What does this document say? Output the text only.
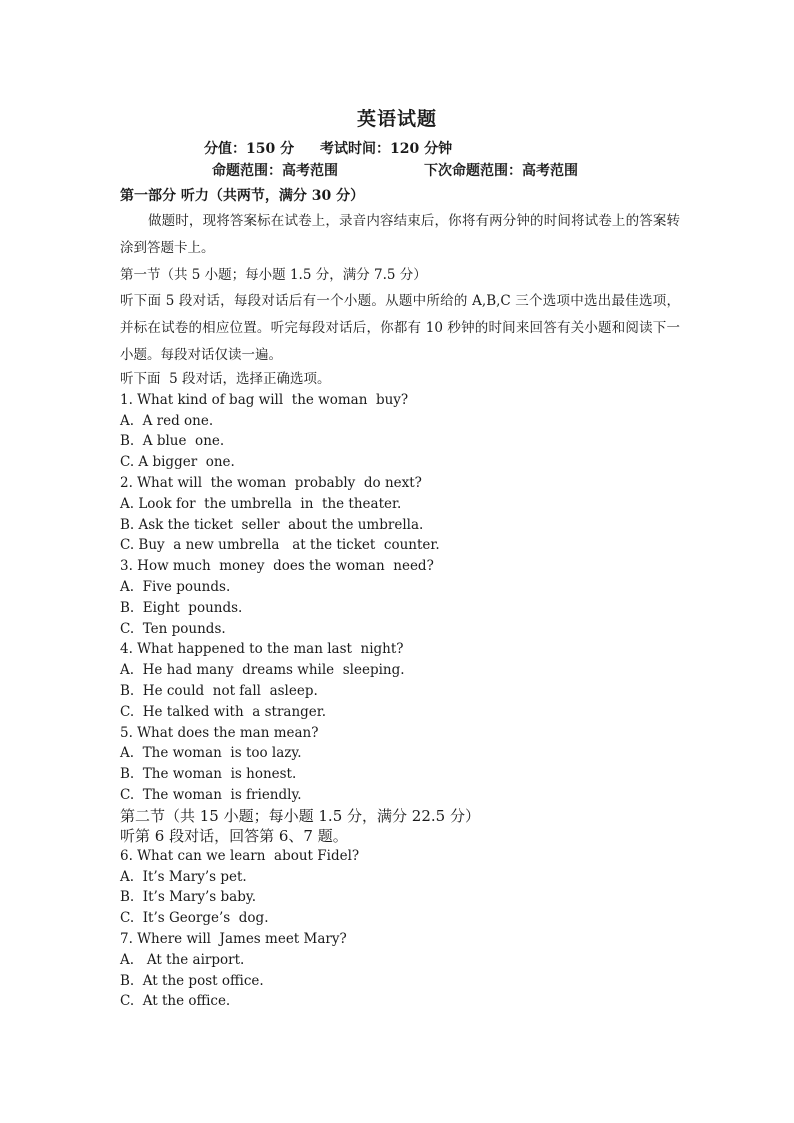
英语试题
分值：150 分 考试时间：120 分钟
命题范围：高考范围	下次命题范围：高考范围

第一部分 听力（共两节，满分 30 分）

做题时，现将答案标在试卷上，录音内容结束后，你将有两分钟的时间将试卷上的答案转涂到答题卡上。

第一节（共 5 小题；每小题 1.5 分，满分 7.5 分）

听下面 5 段对话，每段对话后有一个小题。从题中所给的 A,B,C 三个选项中选出最佳选项，并标在试卷的相应位置。听完每段对话后，你都有 10 秒钟的时间来回答有关小题和阅读下一小题。每段对话仅读一遍。

听下面  5 段对话，选择正确选项。

1. What kind of bag will  the woman  buy?

A.  A red one.

B.  A blue  one.

C. A bigger  one.

2. What will  the woman  probably  do next?

A. Look for  the umbrella  in  the theater.

B. Ask the ticket  seller  about the umbrella.

C. Buy  a new umbrella   at the ticket  counter.

3. How much  money  does the woman  need?

A.  Five pounds.

B.  Eight  pounds.

C.  Ten pounds.

4. What happened to the man last  night?

A.  He had many  dreams while  sleeping.

B.  He could  not fall  asleep.

C.  He talked with  a stranger.

5. What does the man mean?

A.  The woman  is too lazy.

B.  The woman  is honest.

C.  The woman  is friendly.

第二节（共 15 小题；每小题 1.5 分，满分 22.5 分）

听第 6 段对话，回答第 6、7 题。

6. What can we learn  about Fidel?

A.  It’s Mary’s pet.

B.  It’s Mary’s baby.

C.  It’s George’s  dog.

7. Where will  James meet Mary?

A.   At the airport.

B.  At the post office.

C.  At the office.
